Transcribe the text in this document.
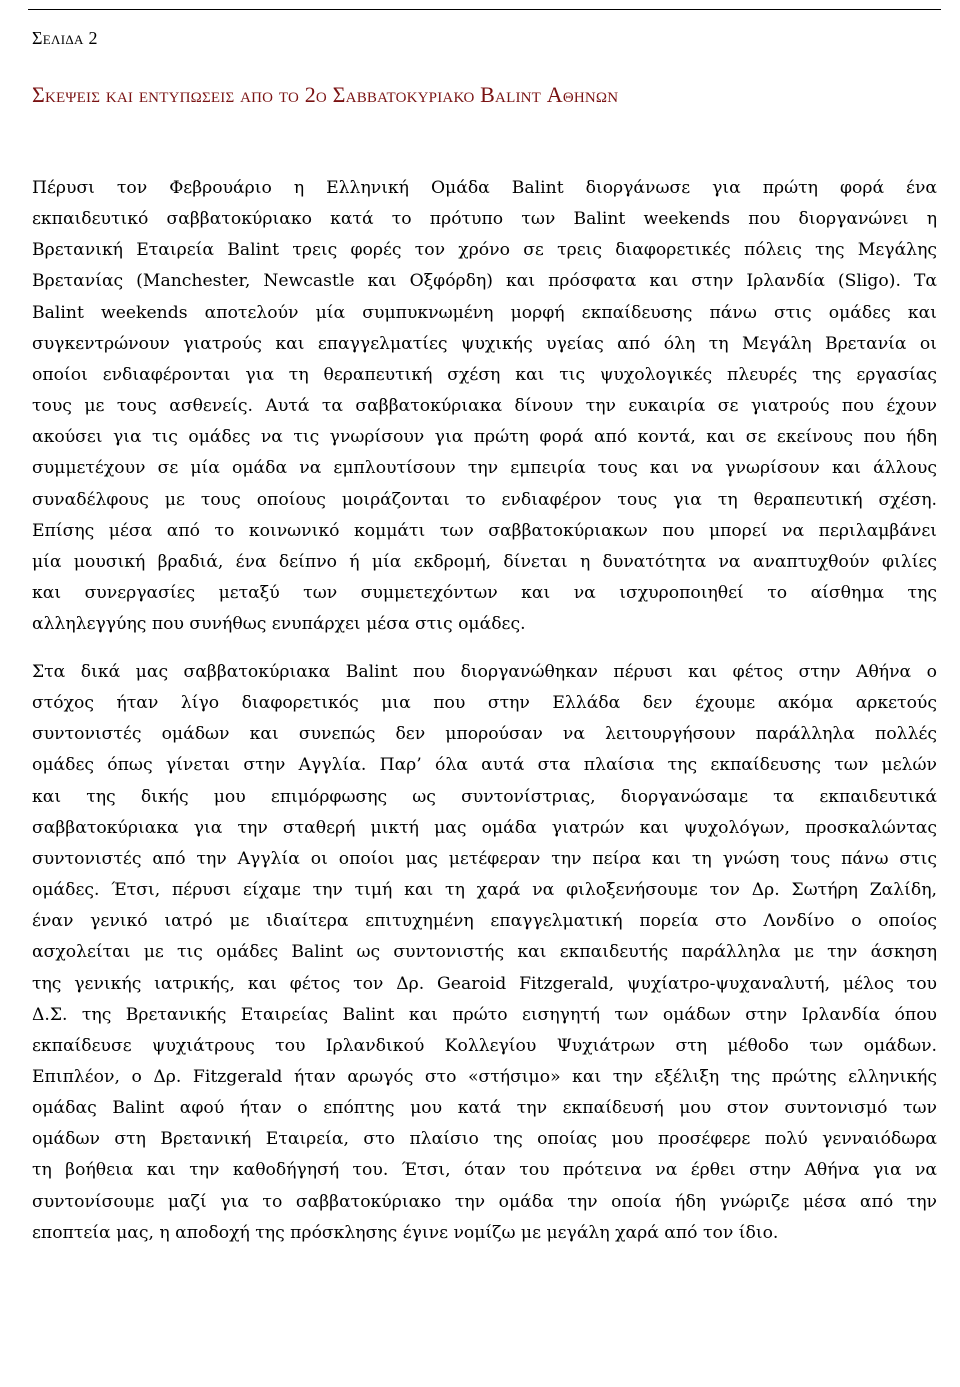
Σελιδα 2
Σκεψεις και εντυπωσεις απο το 2ο Σαββατοκυριακο Balint Αθηνων
Πέρυσι τον Φεβρουάριο η Ελληνική Ομάδα Balint διοργάνωσε για πρώτη φορά ένα
εκπαιδευτικό σαββατοκύριακο κατά το πρότυπο των Balint weekends που διοργανώνει η
Βρετανική Εταιρεία Balint τρεις φορές τον χρόνο σε τρεις διαφορετικές πόλεις της Μεγάλης
Βρετανίας (Manchester, Newcastle και Οξφόρδη) και πρόσφατα και στην Ιρλανδία (Sligo). Τα
Balint weekends αποτελούν μία συμπυκνωμένη μορφή εκπαίδευσης πάνω στις ομάδες και
συγκεντρώνουν γιατρούς και επαγγελματίες ψυχικής υγείας από όλη τη Μεγάλη Βρετανία οι
οποίοι ενδιαφέρονται για τη θεραπευτική σχέση και τις ψυχολογικές πλευρές της εργασίας
τους με τους ασθενείς. Αυτά τα σαββατοκύριακα δίνουν την ευκαιρία σε γιατρούς που έχουν
ακούσει για τις ομάδες να τις γνωρίσουν για πρώτη φορά από κοντά, και σε εκείνους που ήδη
συμμετέχουν σε μία ομάδα να εμπλουτίσουν την εμπειρία τους και να γνωρίσουν και άλλους
συναδέλφους με τους οποίους μοιράζονται το ενδιαφέρον τους για τη θεραπευτική σχέση.
Επίσης μέσα από το κοινωνικό κομμάτι των σαββατοκύριακων που μπορεί να περιλαμβάνει
μία μουσική βραδιά, ένα δείπνο ή μία εκδρομή, δίνεται η δυνατότητα να αναπτυχθούν φιλίες
και συνεργασίες μεταξύ των συμμετεχόντων και να ισχυροποιηθεί το αίσθημα της
αλληλεγγύης που συνήθως ενυπάρχει μέσα στις ομάδες.
Στα δικά μας σαββατοκύριακα Balint που διοργανώθηκαν πέρυσι και φέτος στην Αθήνα ο
στόχος ήταν λίγο διαφορετικός μια που στην Ελλάδα δεν έχουμε ακόμα αρκετούς
συντονιστές ομάδων και συνεπώς δεν μπορούσαν να λειτουργήσουν παράλληλα πολλές
ομάδες όπως γίνεται στην Αγγλία. Παρ’ όλα αυτά στα πλαίσια της εκπαίδευσης των μελών
και της δικής μου επιμόρφωσης ως συντονίστριας, διοργανώσαμε τα εκπαιδευτικά
σαββατοκύριακα για την σταθερή μικτή μας ομάδα γιατρών και ψυχολόγων, προσκαλώντας
συντονιστές από την Αγγλία οι οποίοι μας μετέφεραν την πείρα και τη γνώση τους πάνω στις
ομάδες. Έτσι, πέρυσι είχαμε την τιμή και τη χαρά να φιλοξενήσουμε τον Δρ. Σωτήρη Ζαλίδη,
έναν γενικό ιατρό με ιδιαίτερα επιτυχημένη επαγγελματική πορεία στο Λονδίνο ο οποίος
ασχολείται με τις ομάδες Balint ως συντονιστής και εκπαιδευτής παράλληλα με την άσκηση
της γενικής ιατρικής, και φέτος τον Δρ. Gearoid Fitzgerald, ψυχίατρο-ψυχαναλυτή, μέλος του
Δ.Σ. της Βρετανικής Εταιρείας Balint και πρώτο εισηγητή των ομάδων στην Ιρλανδία όπου
εκπαίδευσε ψυχιάτρους του Ιρλανδικού Κολλεγίου Ψυχιάτρων στη μέθοδο των ομάδων.
Επιπλέον, ο Δρ. Fitzgerald ήταν αρωγός στο «στήσιμο» και την εξέλιξη της πρώτης ελληνικής
ομάδας Balint αφού ήταν ο επόπτης μου κατά την εκπαίδευσή μου στον συντονισμό των
ομάδων στη Βρετανική Εταιρεία, στο πλαίσιο της οποίας μου προσέφερε πολύ γενναιόδωρα
τη βοήθεια και την καθοδήγησή του. Έτσι, όταν του πρότεινα να έρθει στην Αθήνα για να
συντονίσουμε μαζί για το σαββατοκύριακο την ομάδα την οποία ήδη γνώριζε μέσα από την
εποπτεία μας, η αποδοχή της πρόσκλησης έγινε νομίζω με μεγάλη χαρά από τον ίδιο.
